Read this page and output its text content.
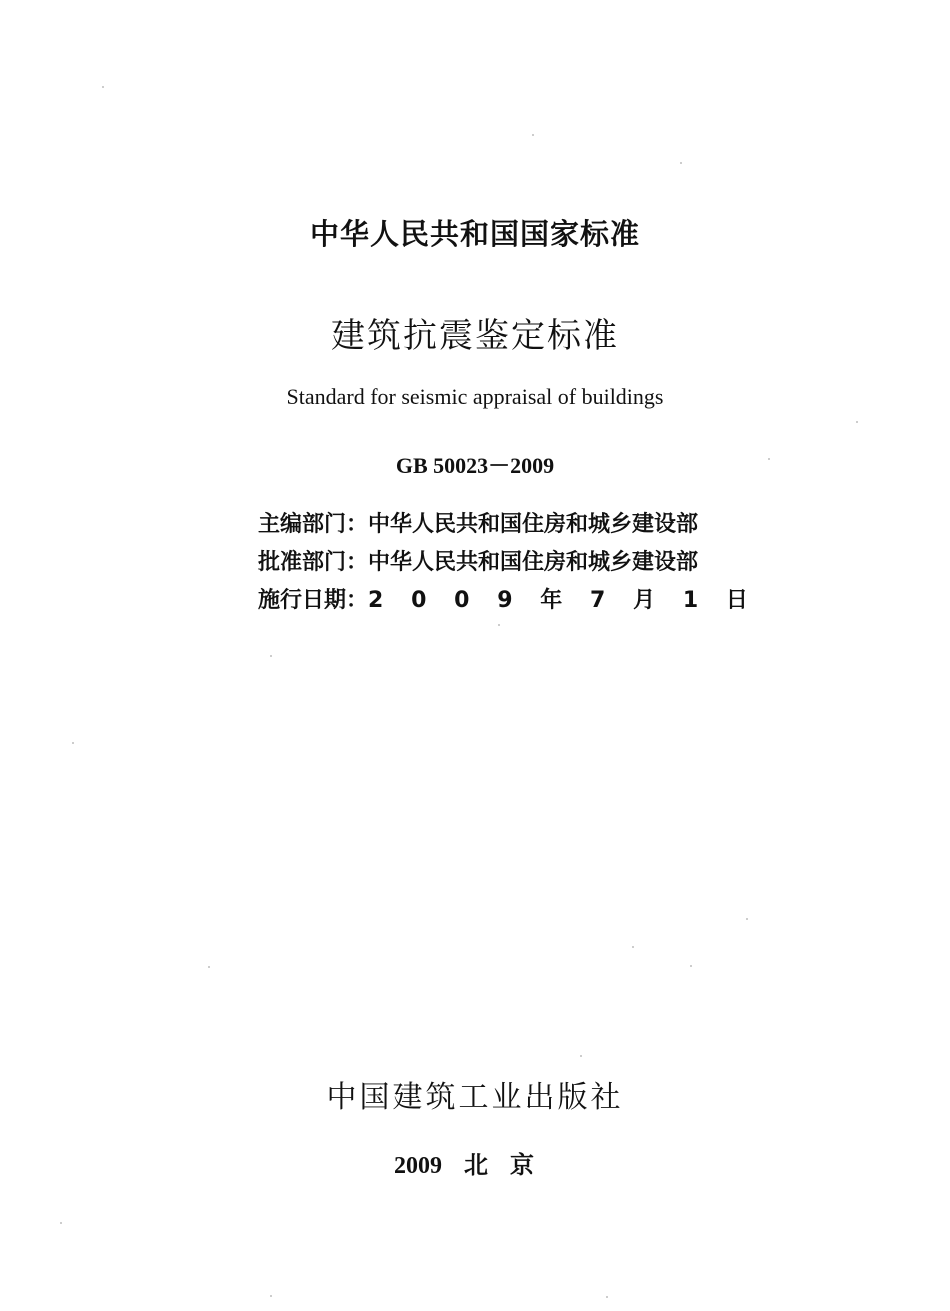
中华人民共和国国家标准
建筑抗震鉴定标准
Standard for seismic appraisal of buildings
GB 50023－2009
主编部门：中华人民共和国住房和城乡建设部
批准部门：中华人民共和国住房和城乡建设部
施行日期： 2 0 0 9 年 7 月 1 日
中国建筑工业出版社
2009 北京
